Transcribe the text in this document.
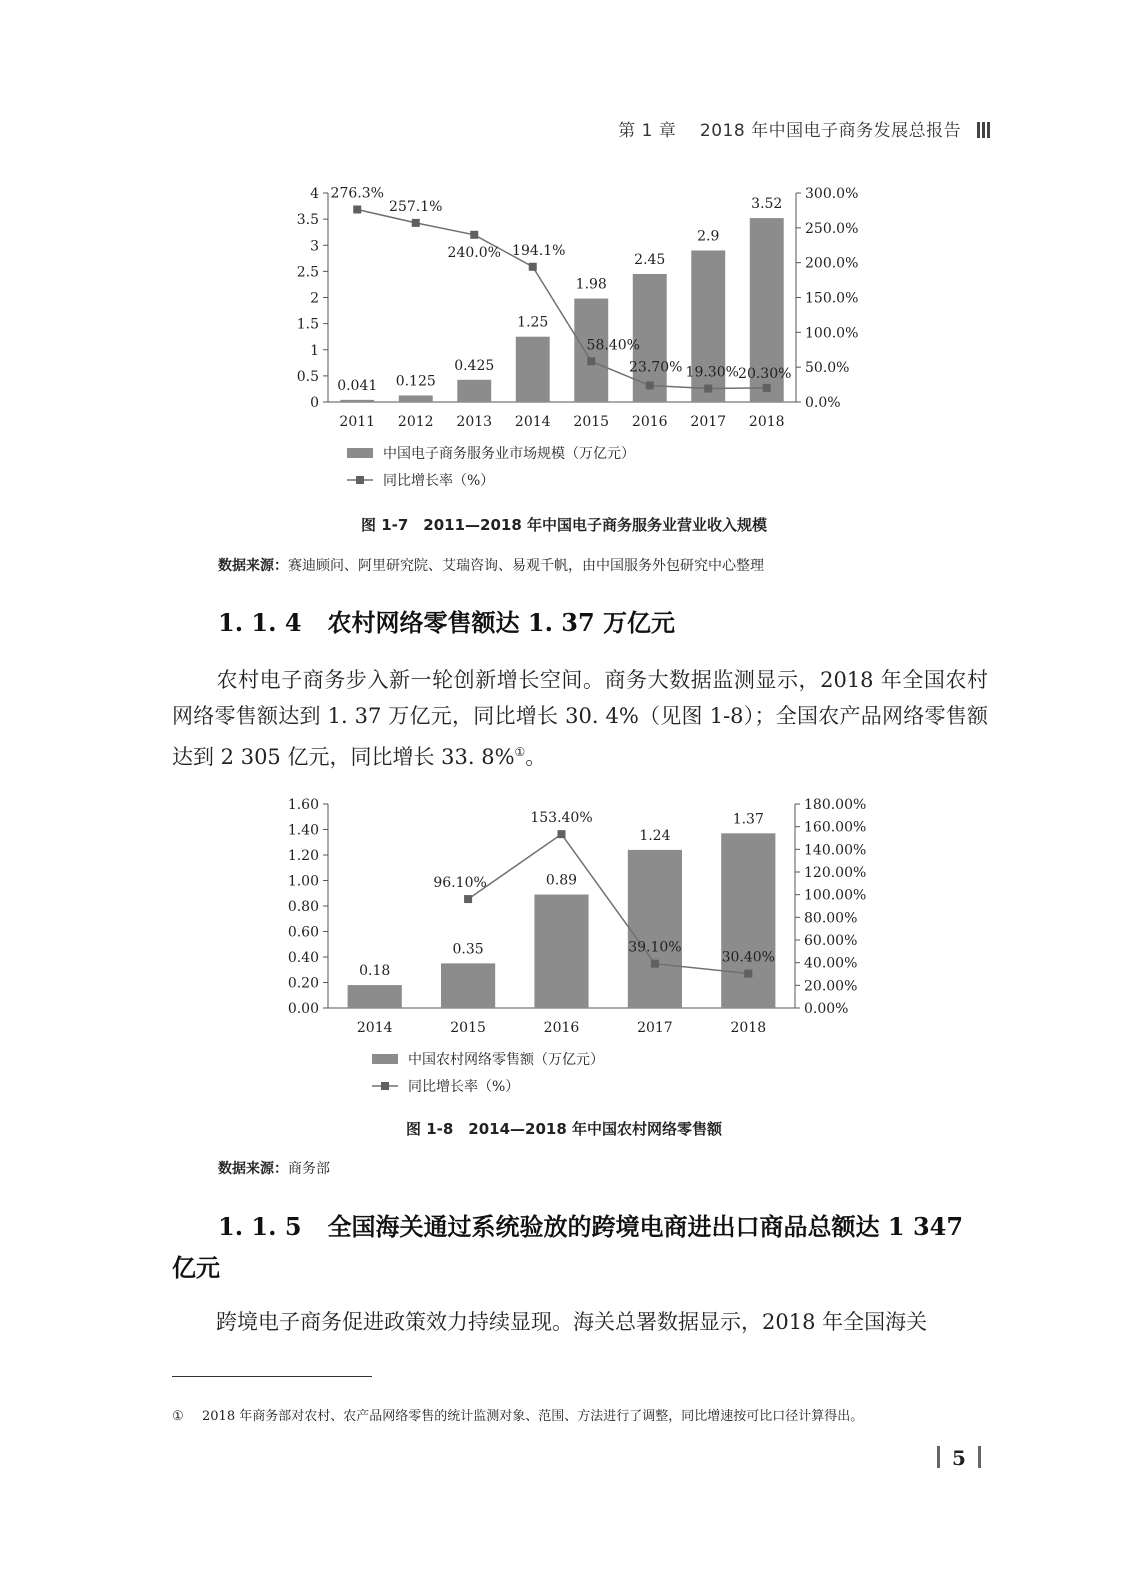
第 1 章 2018 年中国电子商务发展总报告
0
0.5
1
1.5
2
2.5
3
3.5
4
0.0%
50.0%
100.0%
150.0%
200.0%
250.0%
300.0%
0.041 0.125
0.425
1.25
1.98
2.45
2.9
3.52
2011 2012 2013 2014 2015 2016 2017 2018
276.3%
257.1%
240.0% 194.1%
58.40%
23.70% 19.30% 20.30%
中国电子商务服务业市场规模（万亿元）
同比增长率（%）
图 1-7　2011—2018 年中国电子商务服务业营业收入规模
数据来源：赛迪顾问、阿里研究院、艾瑞咨询、易观千帆，由中国服务外包研究中心整理
1. 1. 4 农村网络零售额达 1. 37 万亿元
农村电子商务步入新一轮创新增长空间。商务大数据监测显示，2018 年全国农村网络零售额达到 1. 37 万亿元，同比增长 30. 4%（见图 1-8）；全国农产品网络零售额达到 2 305 亿元，同比增长 33. 8%①。
0.00
0.20
0.40
0.60
0.80
1.00
1.20
1.40
1.60
0.00%
20.00%
40.00%
60.00%
80.00%
100.00%
120.00%
140.00%
160.00%
180.00%
0.18
0.35
0.89
1.24
1.37
2014	2015	2016	2017	2018
96.10%
153.40%
39.10%
30.40%
中国农村网络零售额（万亿元）
同比增长率（%）
图 1-8　2014—2018 年中国农村网络零售额
数据来源：商务部
1. 1. 5 全国海关通过系统验放的跨境电商进出口商品总额达 1 347
亿元
跨境电子商务促进政策效力持续显现。海关总署数据显示，2018 年全国海关
① 2018 年商务部对农村、农产品网络零售的统计监测对象、范围、方法进行了调整，同比增速按可比口径计算得出。
5
